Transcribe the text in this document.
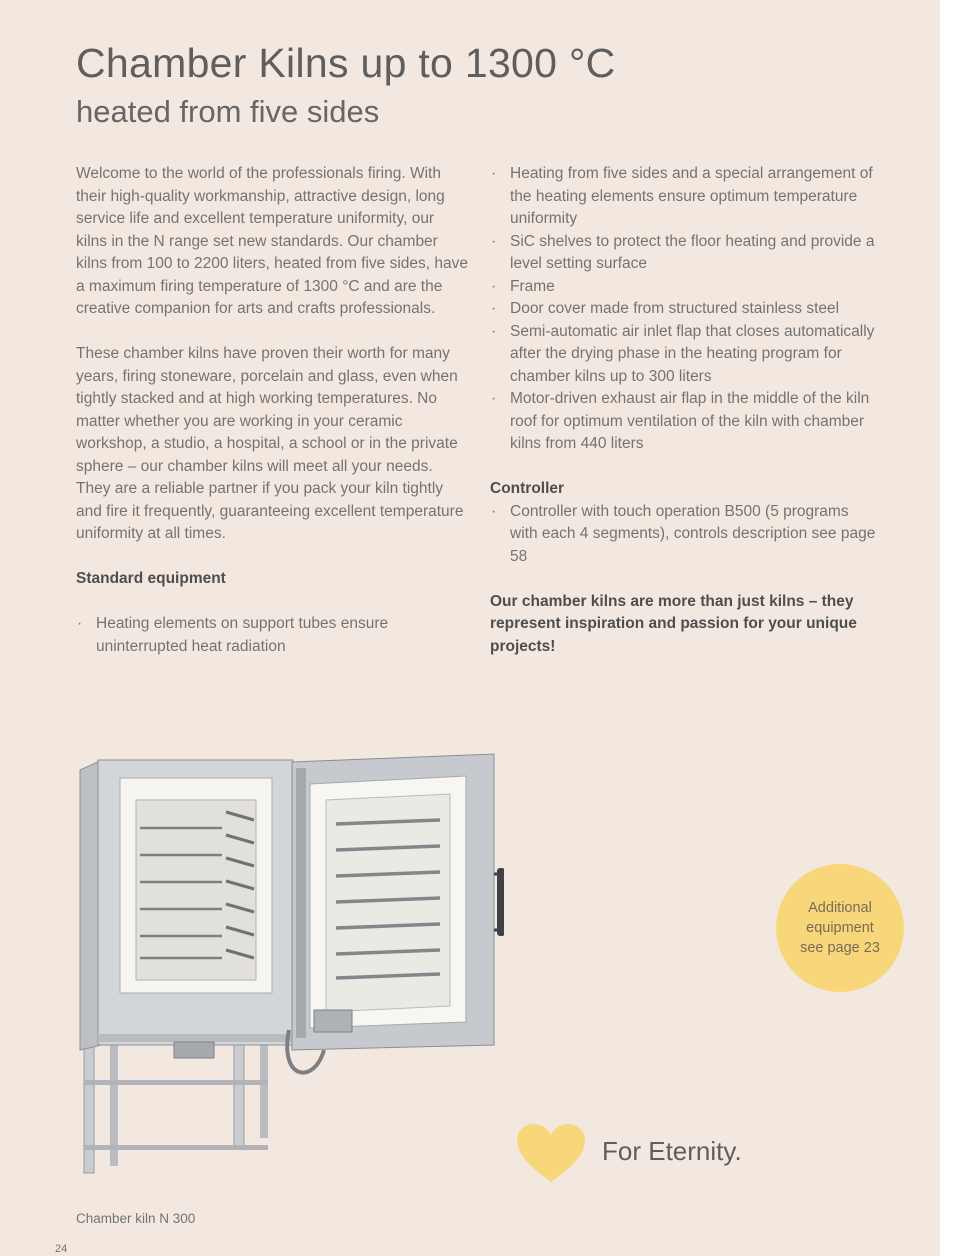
Chamber Kilns up to 1300 °C
heated from five sides

Welcome to the world of the professionals firing. With their high-quality workmanship, attractive design, long service life and excellent temperature uniformity, our kilns in the N range set new standards. Our chamber kilns from 100 to 2200 liters, heated from five sides, have a maximum firing temperature of 1300 °C and are the creative companion for arts and crafts professionals.

These chamber kilns have proven their worth for many years, firing stoneware, porcelain and glass, even when tightly stacked and at high working temperatures. No matter whether you are working in your ceramic workshop, a studio, a hospital, a school or in the private sphere – our chamber kilns will meet all your needs. They are a reliable partner if you pack your kiln tightly and fire it frequently, guaranteeing excellent temperature uniformity at all times.

Standard equipment
· Heating elements on support tubes ensure uninterrupted heat radiation
· Heating from five sides and a special arrangement of the heating elements ensure optimum temperature uniformity
· SiC shelves to protect the floor heating and provide a level setting surface
· Frame
· Door cover made from structured stainless steel
· Semi-automatic air inlet flap that closes automatically after the drying phase in the heating program for chamber kilns up to 300 liters
· Motor-driven exhaust air flap in the middle of the kiln roof for optimum ventilation of the kiln with chamber kilns from 440 liters
Controller
· Controller with touch operation B500 (5 programs with each 4 segments), controls description see page 58

Our chamber kilns are more than just kilns – they represent inspiration and passion for your unique projects!

Additional
equipment
see page 23
For Eternity.
Chamber kiln N 300
24
